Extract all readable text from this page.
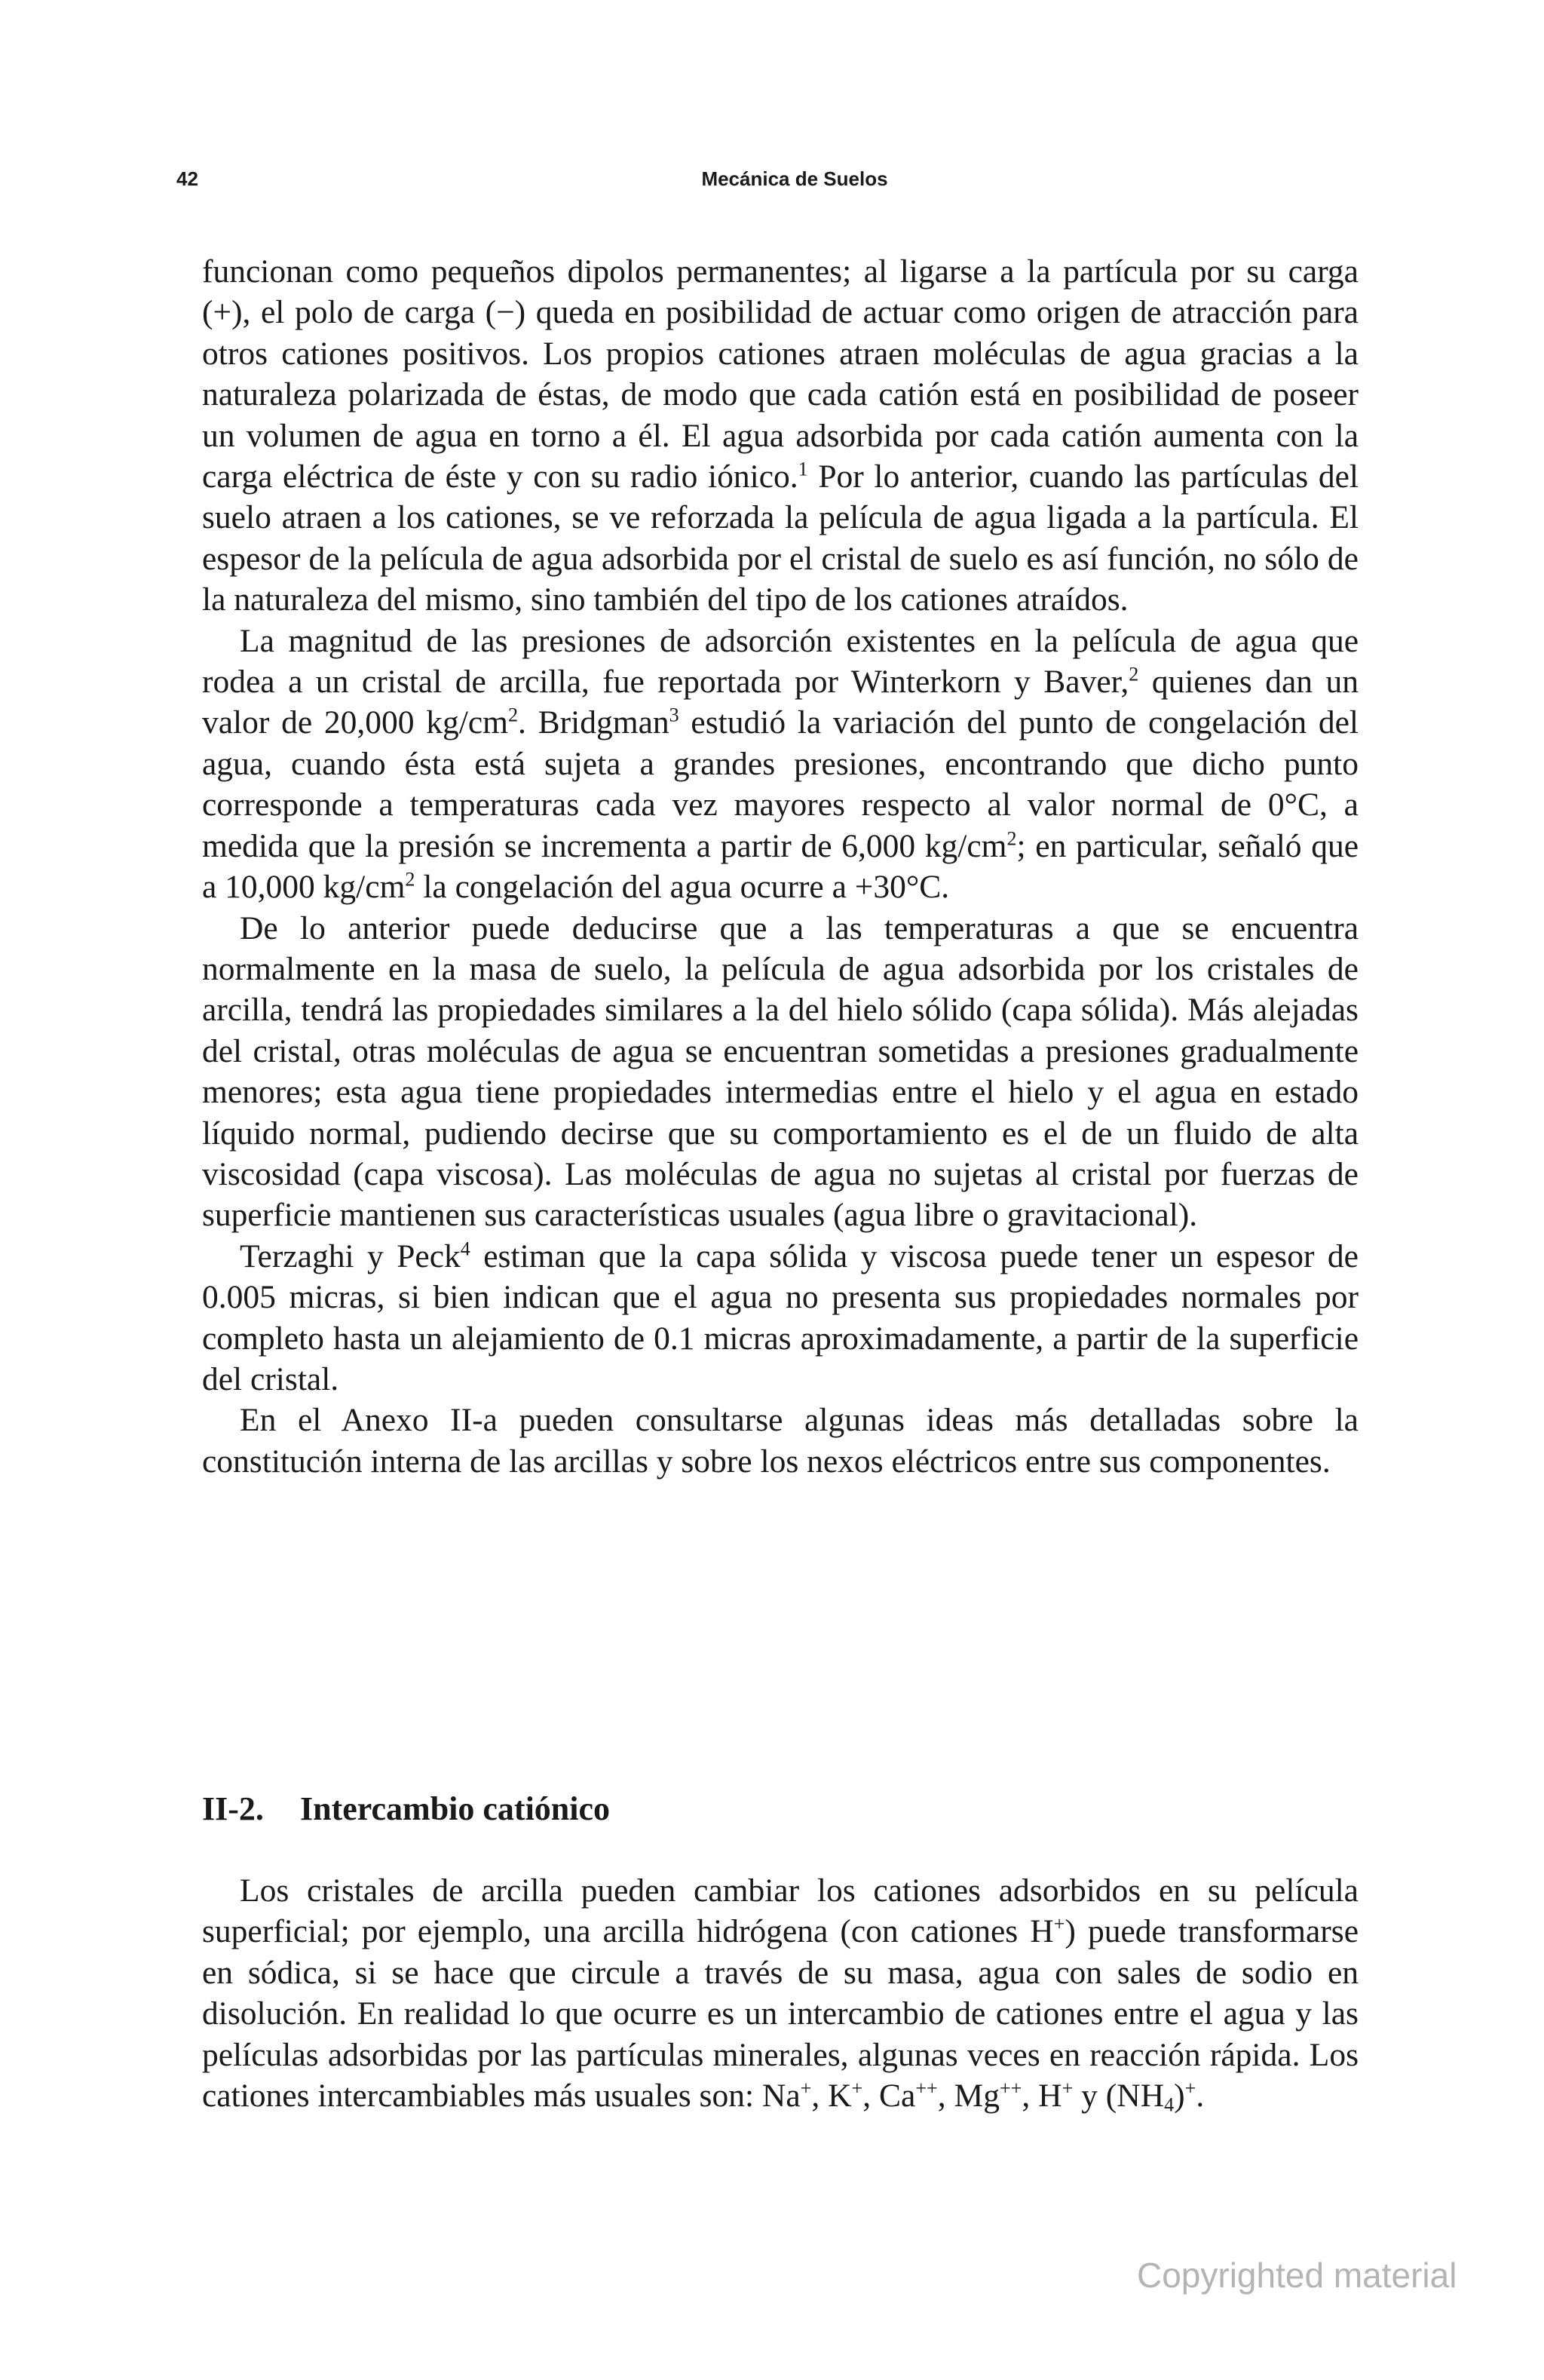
42	Mecánica de Suelos

funcionan como pequeños dipolos permanentes; al ligarse a la partícula por su carga (+), el polo de carga (−) queda en posibilidad de actuar como origen de atracción para otros cationes positivos. Los propios cationes atraen moléculas de agua gracias a la naturaleza polarizada de éstas, de modo que cada catión está en posibilidad de poseer un volumen de agua en torno a él. El agua adsorbida por cada catión aumenta con la carga eléctrica de éste y con su radio iónico.$^1$ Por lo anterior, cuando las partículas del suelo atraen a los cationes, se ve reforzada la película de agua ligada a la partícula. El espesor de la película de agua adsorbida por el cristal de suelo es así función, no sólo de la naturaleza del mismo, sino también del tipo de los cationes atraídos.

La magnitud de las presiones de adsorción existentes en la película de agua que rodea a un cristal de arcilla, fue reportada por Winterkorn y Baver,$^2$ quienes dan un valor de 20,000 $kg/cm^2$. Bridgman$^3$ estudió la variación del punto de congelación del agua, cuando ésta está sujeta a grandes presiones, encontrando que dicho punto corresponde a temperaturas cada vez mayores respecto al valor normal de 0°C, a medida que la presión se incrementa a partir de 6,000 $kg/cm^2$; en particular, señaló que a 10,000 $kg/cm^2$ la congelación del agua ocurre a +30°C.

De lo anterior puede deducirse que a las temperaturas a que se encuentra normalmente en la masa de suelo, la película de agua adsorbida por los cristales de arcilla, tendrá las propiedades similares a la del hielo sólido (capa sólida). Más alejadas del cristal, otras moléculas de agua se encuentran sometidas a presiones gradualmente menores; esta agua tiene propiedades intermedias entre el hielo y el agua en estado líquido normal, pudiendo decirse que su comportamiento es el de un fluido de alta viscosidad (capa viscosa). Las moléculas de agua no sujetas al cristal por fuerzas de superficie mantienen sus características usuales (agua libre o gravitacional).

Terzaghi y Peck$^4$ estiman que la capa sólida y viscosa puede tener un espesor de 0.005 micras, si bien indican que el agua no presenta sus propiedades normales por completo hasta un alejamiento de 0.1 micras aproximadamente, a partir de la superficie del cristal.

En el Anexo II-a pueden consultarse algunas ideas más detalladas sobre la constitución interna de las arcillas y sobre los nexos eléctricos entre sus componentes.

II-2. Intercambio catiónico

Los cristales de arcilla pueden cambiar los cationes adsorbidos en su película superficial; por ejemplo, una arcilla hidrógena (con cationes H+) puede transformarse en sódica, si se hace que circule a través de su masa, agua con sales de sodio en disolución. En realidad lo que ocurre es un intercambio de cationes entre el agua y las películas adsorbidas por las partículas minerales, algunas veces en reacción rápida. Los cationes intercambiables más usuales son: Na+, K+, Ca++, Mg++, H+ y $(NH_4)^+$.

Copyrighted material
